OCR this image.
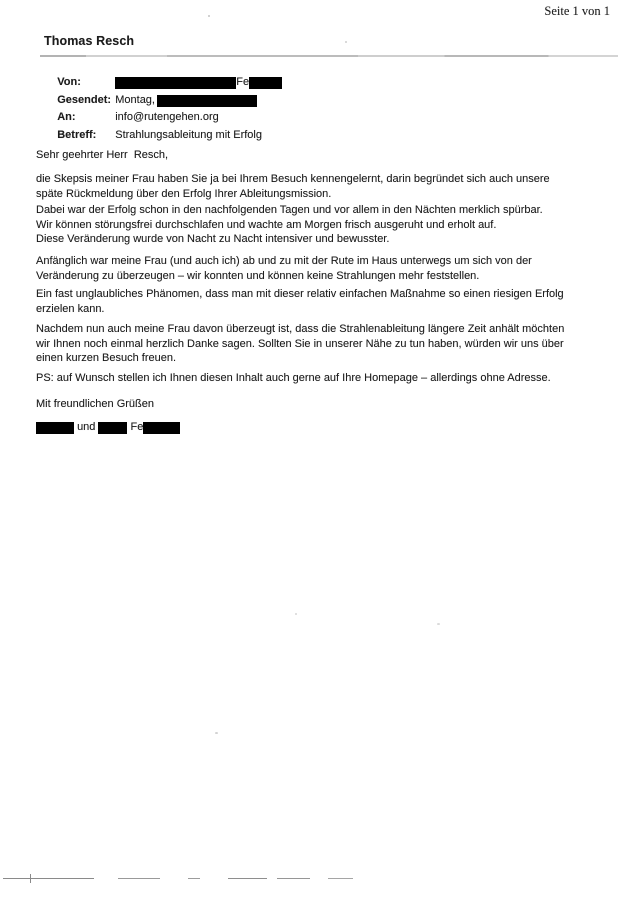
Seite 1 von 1
Thomas Resch

Von:	Fe

Gesendet: Montag,

An:	info@rutengehen.org

Betreff: Strahlungsableitung mit Erfolg

Sehr geehrter Herr  Resch,
die Skepsis meiner Frau haben Sie ja bei Ihrem Besuch kennengelernt, darin begründet sich auch unsere
späte Rückmeldung über den Erfolg Ihrer Ableitungsmission.
Dabei war der Erfolg schon in den nachfolgenden Tagen und vor allem in den Nächten merklich spürbar.
Wir können störungsfrei durchschlafen und wachte am Morgen frisch ausgeruht und erholt auf.
Diese Veränderung wurde von Nacht zu Nacht intensiver und bewusster.
Anfänglich war meine Frau (und auch ich) ab und zu mit der Rute im Haus unterwegs um sich von der
Veränderung zu überzeugen – wir konnten und können keine Strahlungen mehr feststellen.
Ein fast unglaubliches Phänomen, dass man mit dieser relativ einfachen Maßnahme so einen riesigen Erfolg
erzielen kann.
Nachdem nun auch meine Frau davon überzeugt ist, dass die Strahlenableitung längere Zeit anhält möchten
wir Ihnen noch einmal herzlich Danke sagen. Sollten Sie in unserer Nähe zu tun haben, würden wir uns über
einen kurzen Besuch freuen.
PS: auf Wunsch stellen ich Ihnen diesen Inhalt auch gerne auf Ihre Homepage – allerdings ohne Adresse.
Mit freundlichen Grüßen
und	Fe
